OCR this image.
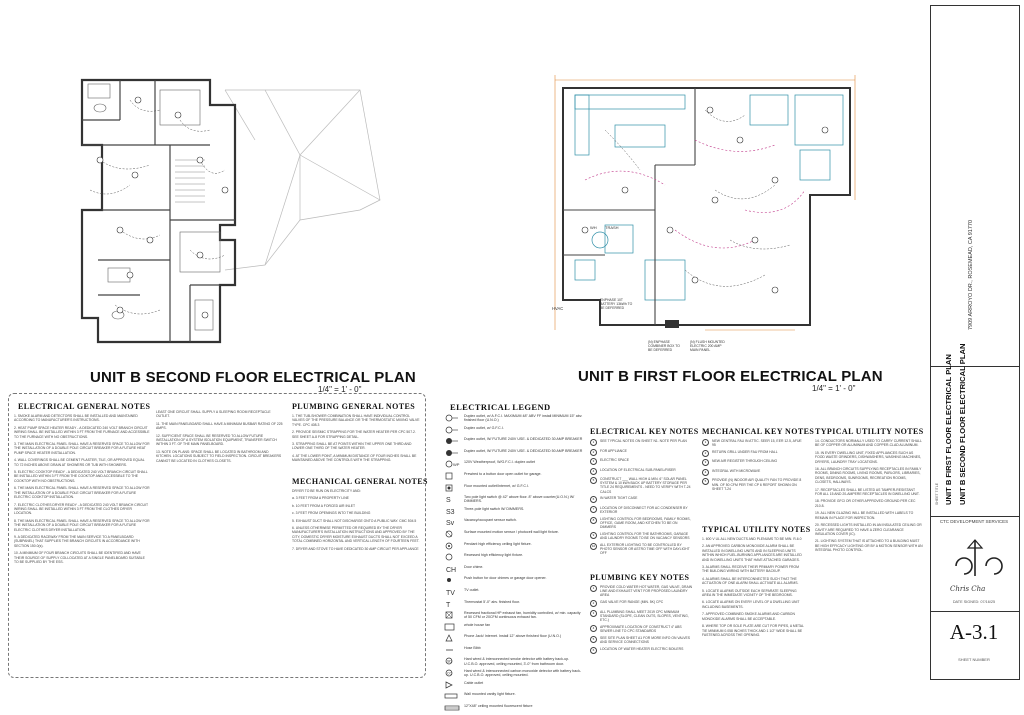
UNIT B SECOND FLOOR ELECTRICAL PLAN
1/4" = 1' - 0"
HVAC
WH TRASH
ENPHASE 10T BATTERY 13kWh TO BE DEFERRED
(N) ENPHASE COMBINER BOX TO BE DEFERRED
(N) FLUSH MOUNTED ELECTRIC 200 AMP MAIN PANEL
UNIT B FIRST FLOOR ELECTRICAL PLAN
1/4" = 1' - 0"
ELECTRICAL GENERAL NOTES

1. SMOKE ALARM AND DETECTORS SHALL BE INSTALLED AND MAINTAINED ACCORDING TO MANUFACTURER'S INSTRUCTIONS.

2. HEAT PUMP SPACE HEATER READY - A DEDICATED 240 VOLT BRANCH CIRCUIT WIRING SHALL BE INSTALLED WITHIN 3 FT FROM THE FURNACE AND ACCESSIBLE TO THE FURNACE WITH NO OBSTRUCTIONS.

3. THE MAIN ELECTRICAL PANEL SHALL HAVE A RESERVED SPACE TO ALLOW FOR THE INSTALLATION OF A DOUBLE POLE CIRCUIT BREAKER FOR A FUTURE HEAT PUMP SPACE HEATER INSTALLATION.

4. WALL COVERINGS SHALL BE CEMENT PLASTER, TILE, OR APPROVED EQUAL TO 72 INCHES ABOVE DRAIN AT SHOWERS OR TUB WITH SHOWERS.

5. ELECTRIC COOKTOP READY - A DEDICATED 240 VOLT BRANCH CIRCUIT SHALL BE INSTALLED WITHIN 3 FT FROM THE COOKTOP AND ACCESSIBLE TO THE COOKTOP WITH NO OBSTRUCTIONS.

6. THE MAIN ELECTRICAL PANEL SHALL HAVE A RESERVED SPACE TO ALLOW FOR THE INSTALLATION OF A DOUBLE POLE CIRCUIT BREAKER FOR A FUTURE ELECTRIC COOKTOP INSTALLATION.

7. ELECTRIC CLOTHES DRYER READY - A DEDICATED 240 VOLT BRANCH CIRCUIT WIRING SHALL BE INSTALLED WITHIN 3 FT FROM THE CLOTHES DRYER LOCATION.

8. THE MAIN ELECTRICAL PANEL SHALL HAVE A RESERVED SPACE TO ALLOW FOR THE INSTALLATION OF A DOUBLE POLE CIRCUIT BREAKER FOR A FUTURE ELECTRIC CLOTHES DRYER INSTALLATION.

9. A DEDICATED RACEWAY FROM THE MAIN SERVICE TO A PANELBOARD (SUBPANEL) THAT SUPPLIES THE BRANCH CIRCUITS IN ACCORDANCE WITH SECTION 150.0(s).

10. A MINIMUM OF FOUR BRANCH CIRCUITS SHALL BE IDENTIFIED AND HAVE THEIR SOURCE OF SUPPLY COLLOCATED AT A SINGLE PANELBOARD SUITABLE TO BE SUPPLIED BY THE ESS.

LEAST ONE CIRCUIT SHALL SUPPLY A SLEEPING ROOM RECEPTACLE OUTLET.

11. THE MAIN PANELBOARD SHALL HAVE A MINIMUM BUSBAR RATING OF 225 AMPS.

12. SUFFICIENT SPACE SHALL BE RESERVED TO ALLOW FUTURE INSTALLATION OF A SYSTEM ISOLATION EQUIPMENT, TRANSFER SWITCH WITHIN 3 FT. OF THE MAIN PANELBOARD.

13. NOTE ON PLANS: SPACE SHALL BE LOCATED IN BATHROOM AND KITCHEN. LOCATIONS SUBJECT TO FIELD INSPECTION. CIRCUIT BREAKERS CANNOT BE LOCATED IN CLOTHES CLOSETS.

PLUMBING GENERAL NOTES

1. THE TUB-SHOWER COMBINATION SHALL HAVE INDIVIDUAL CONTROL VALVES OF THE PRESSURE BALANCE OR THE THERMOSTATIC MIXING VALVE TYPE. CPC 408.3

2. PROVIDE SEISMIC STRAPPING FOR THE WATER HEATER PER CPC 507.2. SEE SHEET A-8 FOR STRAPPING DETAIL.

3. STRAPPING SHALL BE AT POINTS WITHIN THE UPPER ONE THIRD AND LOWER ONE THIRD OF THE WATER HEATER.

4. AT THE LOWER POINT, A MINIMUM DISTANCE OF FOUR INCHES SHALL BE MAINTAINED ABOVE THE CONTROLS WITH THE STRAPPING.

MECHANICAL GENERAL NOTES

DRYER TO BE RUN ON ELECTRICITY AND:

a. 3 FEET FROM A PROPERTY LINE

b. 10 FEET FROM A FORCED AIR INLET

c. 3 FEET FROM OPENINGS INTO THE BUILDING

5. EXHAUST DUCT SHALL NOT DISCHARGE ONTO A PUBLIC WAY. CMC 504.5

6. UNLESS OTHERWISE PERMITTED OR REQUIRED BY THE DRYER MANUFACTURER'S INSTALLATION INSTRUCTIONS AND APPROVED BY THE CITY, DOMESTIC DRYER MOISTURE EXHAUST DUCTS SHALL NOT EXCEED A TOTAL COMBINED HORIZONTAL AND VERTICAL LENGTH OF FOURTEEN FEET.

7. DRYER AND STOVE TO HAVE DEDICATED 30 AMP CIRCUIT PER APPLIANCE

ELECTRICAL LEGEND
Duplex outlet, w/ A.F.C.I. MAXIMUM 48" ABV FF install MINIMUM 15" abv. finished floor (U.N.O.)
Duplex outlet, w/ G.F.C.I.
Duplex outlet, W/ FUTURE 240V USE. & DEDICATED 30 AMP BREAKER
Duplex outlet, W/ FUTURE 240V USE. & DEDICATED 50 AMP BREAKER
WP 120V Weatherproof, W/G.F.C.I. duplex outlet
Prewired to a button door open outlet for garage.
Floor mounted outlet/Internet, w/ G.F.C.I.
S	Two pole light switch @ 42" above floor. 8" above counter(U.O.N.) W/ DIMMERS.
S3	Three-pole light switch W/ DIMMERS.
Sv	Vacancy/occupant sensor switch.
Surface mounted motion sensor / photocell wall light fixture.
Pendant high efficiency ceiling light fixture.
Recessed high efficiency light fixture.
CH Door chime.
Push button for door chimes or garage door opener.
TV	TV outlet.
T	Thermostat 5'-0" abv. finished floor.
Recessed fractional HP exhaust fan, humidity controlled, w/ min. capacity of 50 CFM or 20CFM continuous exhaust fan.
whole house fan
Phone Jack/ Internet. Install 12" above finished floor (U.N.O.)
Hose Bibb
SD
Hard wired & interconnected smoke detector with battery back-up. U.C.B.O. approved, ceiling mounted, 3'-0" from bathroom door.
CO
Hard wired & interconnected carbon monoxide detector with battery back-up. U.C.B.O. approved, ceiling mounted.
Cable outlet
Wall mounted vanity light fixture.
12"X48" ceiling mounted fluorescent fixture
ELECTRICAL KEY NOTES
1	SEE TYPICAL NOTES ON SHEET N1. NOTE PER PLAN
2	FOR APPLIANCE
3	ELECTRIC SPACE
4	LOCATION OF ELECTRICAL SUB-PANEL/RISER
5	CONSTRUCT ___ WALL HIGH & MIN. 6" SOLAR PANEL SYSTEM & 10 kWh BACK UP BATTERY STORAGE PER TITLE 24 REQUIREMENTS - NEED TO VERIFY WITH T-24 CALCS
6	IN WATER TIGHT CASE
7	LOCATION OF DISCONNECT FOR AC CONDENSER BY EXTERIOR
8	LIGHTING CONTROL FOR BEDROOMS, FAMILY ROOMS, OFFICE, GAME ROOM, AND KITCHEN TO BE ON DIMMERS
9	LIGHTING CONTROL FOR THE BATHROOMS, GARAGE AND LAUNDRY ROOMS TO BE ON VACANCY SENSORS
10	ALL EXTERIOR LIGHTING TO BE CONTROLLED BY PHOTO SENSOR OR ASTRO TIME OFF WITH DAYLIGHT OFF
PLUMBING KEY NOTES
1	PROVIDE COLD WATER HOT WATER, GAS VALVE, DRAIN LINE AND EXHAUST VENT FOR PROPOSED LAUNDRY AREA
2	GAS VALVE FOR RANGE (MIN. 5K) CPC
3	ALL PLUMBING SHALL MEET 2019 CPC MINIMUM STANDARD (SLOPE, CLEAN OUTS, SLOPES, VENTING, ETC.)
4	APPROXIMATE LOCATION OF CONSTRUCT 4" ABS SEWER LINE TO CPC STANDARDS
5	SEE SITE PLAN SHEET A1 FOR MORE INFO ON VALVES AND SERVICE CONNECTIONS
6	LOCATION OF WATER HEATER ELECTRIC BOILERS
MECHANICAL KEY NOTES
1	NEW CENTRAL FAU IN ATTIC. SEER 15, EER 12.5, AFUE 95
2	RETURN GRILL UNDER FAU FROM HALL
3	NEW AIR REGISTER THROUGH CEILING
4	INTEGRAL WITH MICROWAVE
5	PROVIDE (N) INDOOR AIR QUALITY FAN TO PROVIDE 8 MIN. OF 50 CFM PER THE CP 6 REPORT SHOWN ON SHEET T-24
TYPICAL UTILITY NOTES

1. 600 V UL ALL NEW DUCTS AND PLENUMS TO BE MIN. R-6.0

2. AN APPROVED CARBON MONOXIDE ALARM SHALL BE INSTALLED IN DWELLING UNITS AND IN SLEEPING UNITS WITHIN WHICH FUEL-BURNING APPLIANCES ARE INSTALLED AND IN DWELLING UNITS THAT HAVE ATTACHED GARAGES.

3. ALARMS SHALL RECEIVE THEIR PRIMARY POWER FROM THE BUILDING WIRING WITH BATTERY BACKUP.

4. ALARMS SHALL BE INTERCONNECTED SUCH THAT THE ACTUATION OF ONE ALARM SHALL ACTIVATE ALL ALARMS.

5. LOCATE ALARMS OUTSIDE EACH SEPARATE SLEEPING AREA IN THE IMMEDIATE VICINITY OF THE BEDROOMS.

6. LOCATE ALARMS ON EVERY LEVEL OF A DWELLING UNIT INCLUDING BASEMENTS.

7. APPROVED COMBINED SMOKE ALARMS AND CARBON MONOXIDE ALARMS SHALL BE ACCEPTABLE.

8. WHERE TOP OR SOLE PLATE ARE CUT FOR PIPES, A METAL TIE MINIMUM 0.058 INCHES THICK AND 1 1/2" WIDE SHALL BE FASTENED ACROSS THE OPENING.

TYPICAL UTILITY NOTES

14. CONDUCTORS NORMALLY USED TO CARRY CURRENT SHALL BE OF COPPER OR ALUMINUM AND COPPER-CLAD ALUMINUM.

15. IN EVERY DWELLING UNIT, FIXED APPLIANCES SUCH AS FOOD WASTE GRINDERS, DISHWASHERS, WASHING MACHINES, DRYERS, LAUNDRY TRAY LOCATIONS.

16. ALL BRANCH CIRCUITS SUPPLYING RECEPTACLES IN FAMILY ROOMS, DINING ROOMS, LIVING ROOMS, PARLORS, LIBRARIES, DENS, BEDROOMS, SUNROOMS, RECREATION ROOMS, CLOSETS, HALLWAYS.

17. RECEPTACLES SHALL BE LISTED AS TAMPER-RESISTANT FOR ALL 15 AND 20-AMPERE RECEPTACLES IN DWELLING UNIT.

18. PROVIDE GFCI OR OTHER APPROVED GROUND PER CEC 210.8.

19. ALL NEW GLAZING WILL BE INSTALLED WITH LABELS TO REMAIN IN PLACE FOR INSPECTION.

20. RECESSED LIGHTS INSTALLED IN AN INSULATED CEILING OR CAVITY ARE REQUIRED TO HAVE A ZERO CLEARANCE INSULATION COVER (IC).

21. LIGHTING SYSTEM THAT IS ATTACHED TO A BUILDING MUST BE HIGH EFFICACY LIGHTING OR BY A MOTION SENSOR WITH AN INTEGRAL PHOTO CONTROL.

7909 ARROYO DR., ROSEMEAD, CA 91770
SHEET TITLE UNIT B FIRST FLOOR ELECTRICAL PLAN UNIT B SECOND FLOOR ELECTRICAL PLAN
CTC DEVELOPMENT SERVICES
Chris Cha
DATE SIGNED: 07/16/25
A-3.1
SHEET NUMBER
